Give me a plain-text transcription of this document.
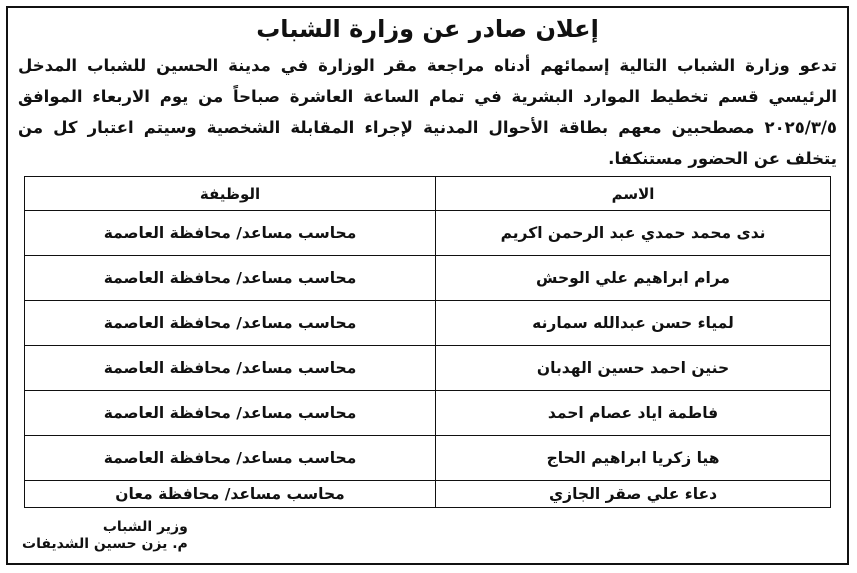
إعلان صادر عن وزارة الشباب
تدعو وزارة الشباب التالية إسمائهم أدناه مراجعة مقر الوزارة في مدينة الحسين للشباب المدخل الرئيسي قسم تخطيط الموارد البشرية في تمام الساعة العاشرة صباحاً من يوم الاربعاء الموافق ٢٠٢٥/٣/٥ مصطحبين معهم بطاقة الأحوال المدنية لإجراء المقابلة الشخصية وسيتم اعتبار كل من يتخلف عن الحضور مستنكفا.
الاسم	الوظيفة
ندى محمد حمدي عبد الرحمن اكريم	محاسب مساعد/ محافظة العاصمة
مرام ابراهيم علي الوحش	محاسب مساعد/ محافظة العاصمة
لمياء حسن عبدالله سمارنه	محاسب مساعد/ محافظة العاصمة
حنين احمد حسين الهدبان	محاسب مساعد/ محافظة العاصمة
فاطمة اياد عصام احمد	محاسب مساعد/ محافظة العاصمة
هيا زكريا ابراهيم الحاج	محاسب مساعد/ محافظة العاصمة
دعاء علي صقر الجازي	محاسب مساعد/ محافظة معان
وزير الشباب
م. يزن حسين الشديفات
